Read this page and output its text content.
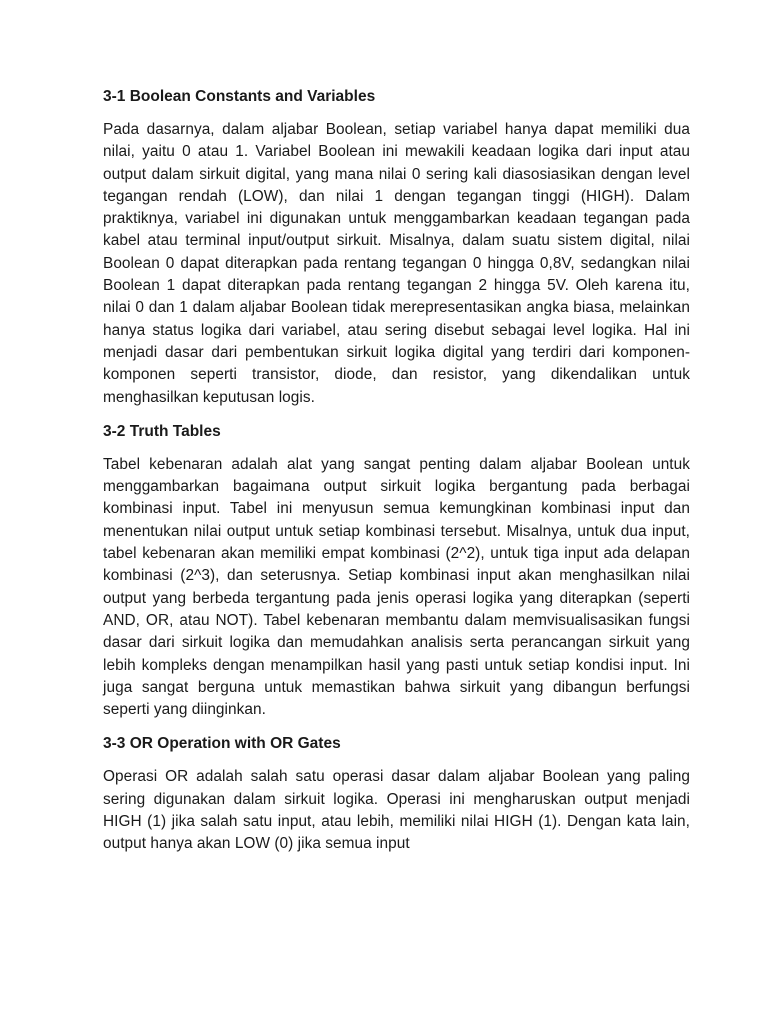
3-1 Boolean Constants and Variables
Pada dasarnya, dalam aljabar Boolean, setiap variabel hanya dapat memiliki dua nilai, yaitu 0 atau 1. Variabel Boolean ini mewakili keadaan logika dari input atau output dalam sirkuit digital, yang mana nilai 0 sering kali diasosiasikan dengan level tegangan rendah (LOW), dan nilai 1 dengan tegangan tinggi (HIGH). Dalam praktiknya, variabel ini digunakan untuk menggambarkan keadaan tegangan pada kabel atau terminal input/output sirkuit. Misalnya, dalam suatu sistem digital, nilai Boolean 0 dapat diterapkan pada rentang tegangan 0 hingga 0,8V, sedangkan nilai Boolean 1 dapat diterapkan pada rentang tegangan 2 hingga 5V. Oleh karena itu, nilai 0 dan 1 dalam aljabar Boolean tidak merepresentasikan angka biasa, melainkan hanya status logika dari variabel, atau sering disebut sebagai level logika. Hal ini menjadi dasar dari pembentukan sirkuit logika digital yang terdiri dari komponen-komponen seperti transistor, diode, dan resistor, yang dikendalikan untuk menghasilkan keputusan logis.
3-2 Truth Tables
Tabel kebenaran adalah alat yang sangat penting dalam aljabar Boolean untuk menggambarkan bagaimana output sirkuit logika bergantung pada berbagai kombinasi input. Tabel ini menyusun semua kemungkinan kombinasi input dan menentukan nilai output untuk setiap kombinasi tersebut. Misalnya, untuk dua input, tabel kebenaran akan memiliki empat kombinasi (2^2), untuk tiga input ada delapan kombinasi (2^3), dan seterusnya. Setiap kombinasi input akan menghasilkan nilai output yang berbeda tergantung pada jenis operasi logika yang diterapkan (seperti AND, OR, atau NOT). Tabel kebenaran membantu dalam memvisualisasikan fungsi dasar dari sirkuit logika dan memudahkan analisis serta perancangan sirkuit yang lebih kompleks dengan menampilkan hasil yang pasti untuk setiap kondisi input. Ini juga sangat berguna untuk memastikan bahwa sirkuit yang dibangun berfungsi seperti yang diinginkan.
3-3 OR Operation with OR Gates
Operasi OR adalah salah satu operasi dasar dalam aljabar Boolean yang paling sering digunakan dalam sirkuit logika. Operasi ini mengharuskan output menjadi HIGH (1) jika salah satu input, atau lebih, memiliki nilai HIGH (1). Dengan kata lain, output hanya akan LOW (0) jika semua input
